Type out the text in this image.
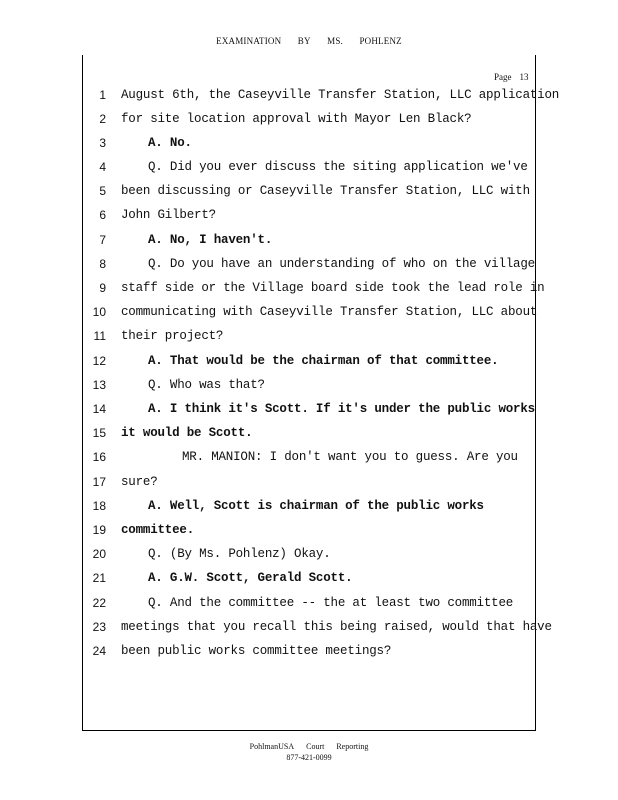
EXAMINATION BY MS. POHLENZ
Page 13
1 August 6th, the Caseyville Transfer Station, LLC application
2 for site location approval with Mayor Len Black?
3	A. No.
4	Q. Did you ever discuss the siting application we've
5 been discussing or Caseyville Transfer Station, LLC with
6 John Gilbert?
7	A. No, I haven't.
8	Q. Do you have an understanding of who on the village
9 staff side or the Village board side took the lead role in
10 communicating with Caseyville Transfer Station, LLC about
11 their project?
12	A. That would be the chairman of that committee.
13	Q. Who was that?
14	A. I think it's Scott. If it's under the public works
15 it would be Scott.
16	MR. MANION: I don't want you to guess. Are you
17 sure?
18	A. Well, Scott is chairman of the public works
19 committee.
20	Q. (By Ms. Pohlenz) Okay.
21	A. G.W. Scott, Gerald Scott.
22	Q. And the committee -- the at least two committee
23 meetings that you recall this being raised, would that have
24 been public works committee meetings?
PohlmanUSA Court Reporting
877-421-0099
